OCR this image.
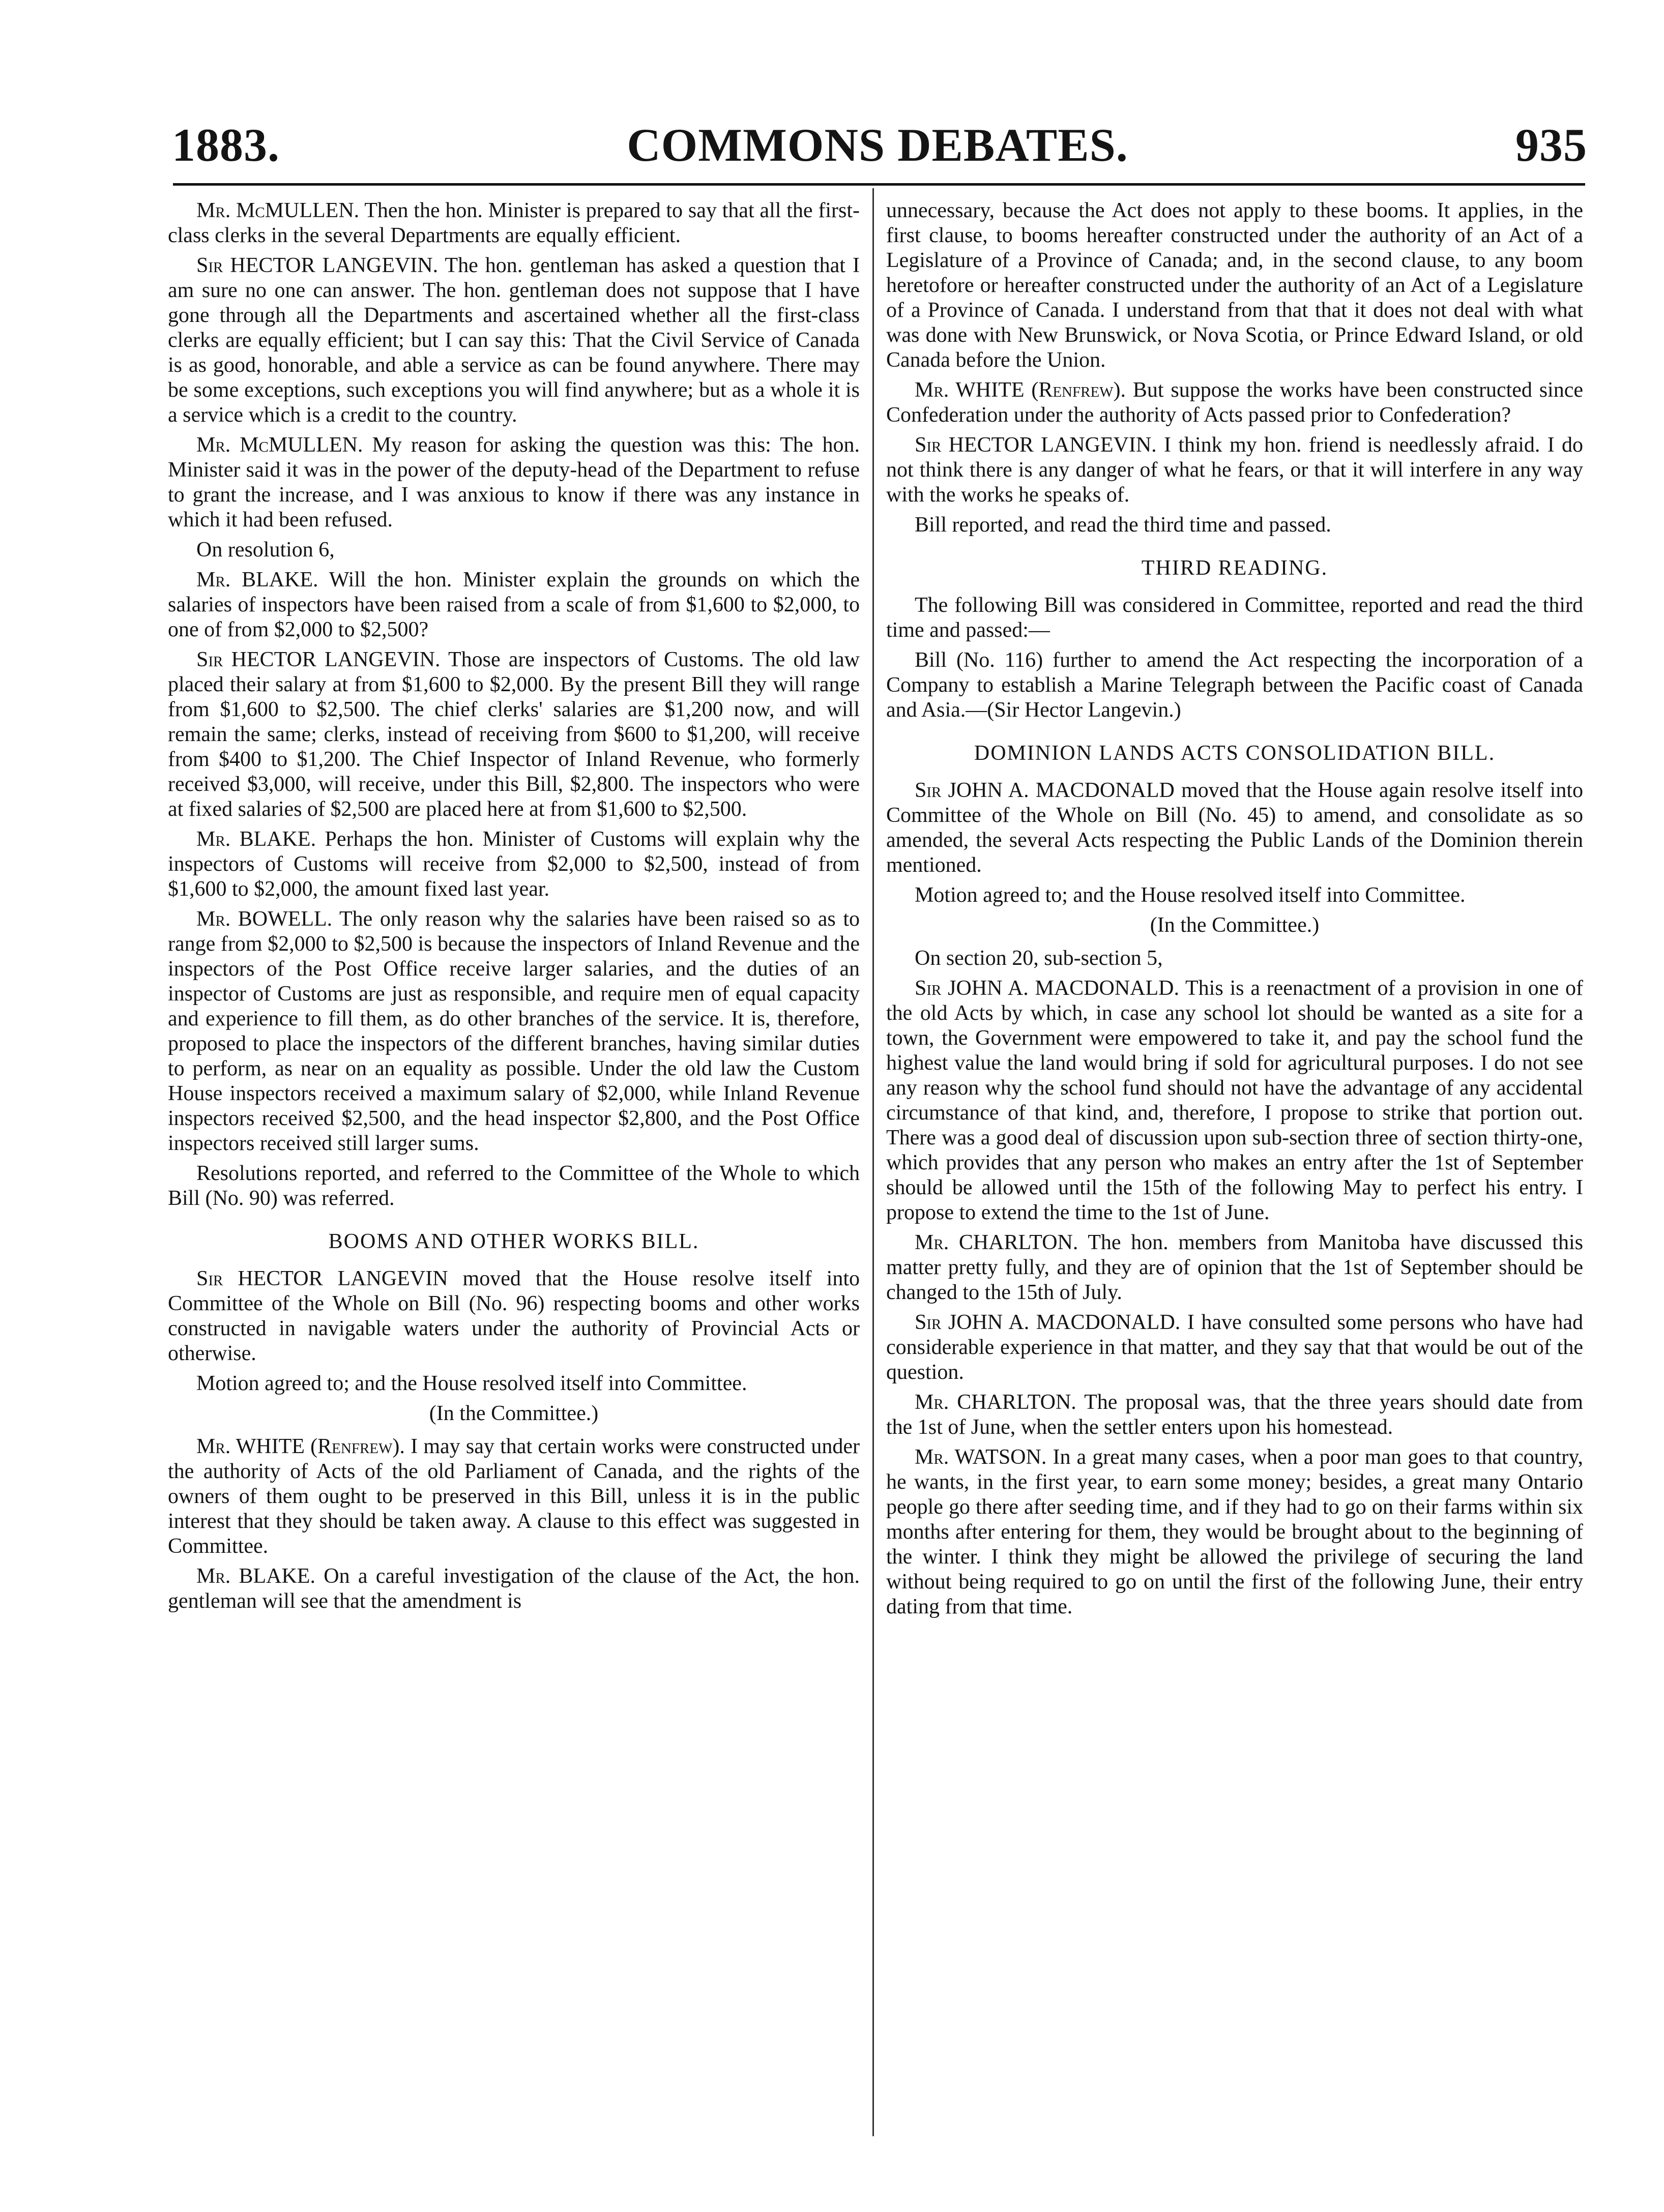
COMMONS DEBATES.
1883.	935

Mr. McMULLEN. Then the hon. Minister is prepared to say that all the first-class clerks in the several Departments are equally efficient.

Sir HECTOR LANGEVIN. The hon. gentleman has asked a question that I am sure no one can answer. The hon. gentleman does not suppose that I have gone through all the Departments and ascertained whether all the first-class clerks are equally efficient; but I can say this: That the Civil Service of Canada is as good, honorable, and able a service as can be found anywhere. There may be some exceptions, such exceptions you will find anywhere; but as a whole it is a service which is a credit to the country.

Mr. McMULLEN. My reason for asking the question was this: The hon. Minister said it was in the power of the deputy-head of the Department to refuse to grant the increase, and I was anxious to know if there was any instance in which it had been refused.

On resolution 6,

Mr. BLAKE. Will the hon. Minister explain the grounds on which the salaries of inspectors have been raised from a scale of from $1,600 to $2,000, to one of from $2,000 to $2,500?

Sir HECTOR LANGEVIN. Those are inspectors of Customs. The old law placed their salary at from $1,600 to $2,000. By the present Bill they will range from $1,600 to $2,500. The chief clerks' salaries are $1,200 now, and will remain the same; clerks, instead of receiving from $600 to $1,200, will receive from $400 to $1,200. The Chief Inspector of Inland Revenue, who formerly received $3,000, will receive, under this Bill, $2,800. The inspectors who were at fixed salaries of $2,500 are placed here at from $1,600 to $2,500.

Mr. BLAKE. Perhaps the hon. Minister of Customs will explain why the inspectors of Customs will receive from $2,000 to $2,500, instead of from $1,600 to $2,000, the amount fixed last year.

Mr. BOWELL. The only reason why the salaries have been raised so as to range from $2,000 to $2,500 is because the inspectors of Inland Revenue and the inspectors of the Post Office receive larger salaries, and the duties of an inspector of Customs are just as responsible, and require men of equal capacity and experience to fill them, as do other branches of the service. It is, therefore, proposed to place the inspectors of the different branches, having similar duties to perform, as near on an equality as possible. Under the old law the Custom House inspectors received a maximum salary of $2,000, while Inland Revenue inspectors received $2,500, and the head inspector $2,800, and the Post Office inspectors received still larger sums.

Resolutions reported, and referred to the Committee of the Whole to which Bill (No. 90) was referred.

BOOMS AND OTHER WORKS BILL.

Sir HECTOR LANGEVIN moved that the House resolve itself into Committee of the Whole on Bill (No. 96) respecting booms and other works constructed in navigable waters under the authority of Provincial Acts or otherwise.

Motion agreed to; and the House resolved itself into Committee.

(In the Committee.)

Mr. WHITE (Renfrew). I may say that certain works were constructed under the authority of Acts of the old Parliament of Canada, and the rights of the owners of them ought to be preserved in this Bill, unless it is in the public interest that they should be taken away. A clause to this effect was suggested in Committee.

Mr. BLAKE. On a careful investigation of the clause of the Act, the hon. gentleman will see that the amendment is

unnecessary, because the Act does not apply to these booms. It applies, in the first clause, to booms hereafter constructed under the authority of an Act of a Legislature of a Province of Canada; and, in the second clause, to any boom heretofore or hereafter constructed under the authority of an Act of a Legislature of a Province of Canada. I understand from that that it does not deal with what was done with New Brunswick, or Nova Scotia, or Prince Edward Island, or old Canada before the Union.

Mr. WHITE (Renfrew). But suppose the works have been constructed since Confederation under the authority of Acts passed prior to Confederation?

Sir HECTOR LANGEVIN. I think my hon. friend is needlessly afraid. I do not think there is any danger of what he fears, or that it will interfere in any way with the works he speaks of.

Bill reported, and read the third time and passed.

THIRD READING.

The following Bill was considered in Committee, reported and read the third time and passed:—

Bill (No. 116) further to amend the Act respecting the incorporation of a Company to establish a Marine Telegraph between the Pacific coast of Canada and Asia.—(Sir Hector Langevin.)

DOMINION LANDS ACTS CONSOLIDATION BILL.

Sir JOHN A. MACDONALD moved that the House again resolve itself into Committee of the Whole on Bill (No. 45) to amend, and consolidate as so amended, the several Acts respecting the Public Lands of the Dominion therein mentioned.

Motion agreed to; and the House resolved itself into Committee.

(In the Committee.)

On section 20, sub-section 5,

Sir JOHN A. MACDONALD. This is a reenactment of a provision in one of the old Acts by which, in case any school lot should be wanted as a site for a town, the Government were empowered to take it, and pay the school fund the highest value the land would bring if sold for agricultural purposes. I do not see any reason why the school fund should not have the advantage of any accidental circumstance of that kind, and, therefore, I propose to strike that portion out. There was a good deal of discussion upon sub-section three of section thirty-one, which provides that any person who makes an entry after the 1st of September should be allowed until the 15th of the following May to perfect his entry. I propose to extend the time to the 1st of June.

Mr. CHARLTON. The hon. members from Manitoba have discussed this matter pretty fully, and they are of opinion that the 1st of September should be changed to the 15th of July.

Sir JOHN A. MACDONALD. I have consulted some persons who have had considerable experience in that matter, and they say that that would be out of the question.

Mr. CHARLTON. The proposal was, that the three years should date from the 1st of June, when the settler enters upon his homestead.

Mr. WATSON. In a great many cases, when a poor man goes to that country, he wants, in the first year, to earn some money; besides, a great many Ontario people go there after seeding time, and if they had to go on their farms within six months after entering for them, they would be brought about to the beginning of the winter. I think they might be allowed the privilege of securing the land without being required to go on until the first of the following June, their entry dating from that time.
